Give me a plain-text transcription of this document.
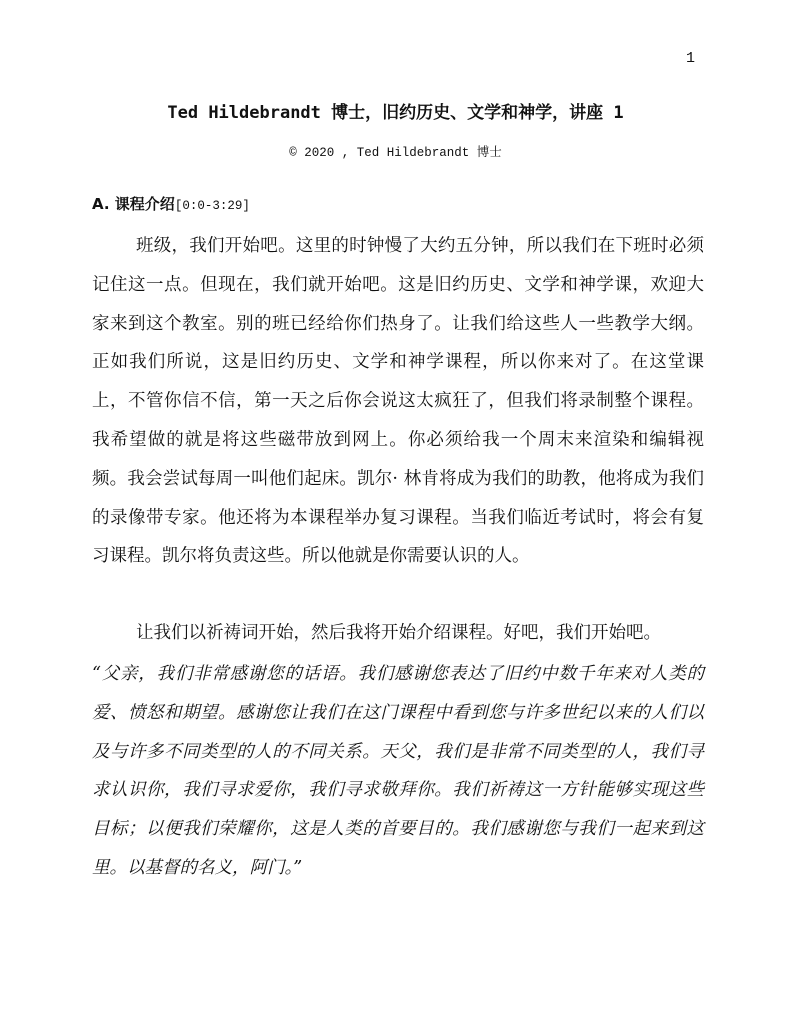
1
Ted Hildebrandt 博士，旧约历史、文学和神学，讲座 1
© 2020 , Ted Hildebrandt 博士
A. 课程介绍[0:0-3:29]

班级，我们开始吧。这里的时钟慢了大约五分钟，所以我们在下班时必须记住这一点。但现在，我们就开始吧。这是旧约历史、文学和神学课，欢迎大家来到这个教室。别的班已经给你们热身了。让我们给这些人一些教学大纲。正如我们所说，这是旧约历史、文学和神学课程，所以你来对了。在这堂课上，不管你信不信，第一天之后你会说这太疯狂了，但我们将录制整个课程。我希望做的就是将这些磁带放到网上。你必须给我一个周末来渲染和编辑视频。我会尝试每周一叫他们起床。凯尔· 林肯将成为我们的助教，他将成为我们的录像带专家。他还将为本课程举办复习课程。当我们临近考试时，将会有复习课程。凯尔将负责这些。所以他就是你需要认识的人。

让我们以祈祷词开始，然后我将开始介绍课程。好吧，我们开始吧。

“父亲，我们非常感谢您的话语。我们感谢您表达了旧约中数千年来对人类的爱、愤怒和期望。感谢您让我们在这门课程中看到您与许多世纪以来的人们以及与许多不同类型的人的不同关系。天父，我们是非常不同类型的人，我们寻求认识你，我们寻求爱你，我们寻求敬拜你。我们祈祷这一方针能够实现这些目标；以便我们荣耀你，这是人类的首要目的。我们感谢您与我们一起来到这里。以基督的名义，阿门。”
